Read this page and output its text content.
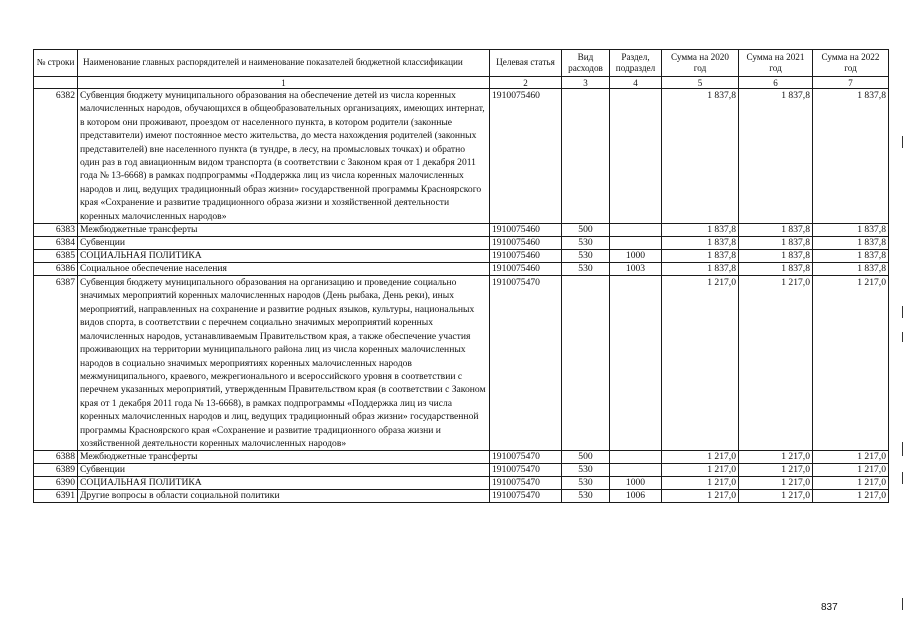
№ строки	Наименование главных распорядителей и наименование показателей бюджетной классификации	Целевая статья	Вид расходов	Раздел, подраздел	Сумма на 2020 год	Сумма на 2021 год	Сумма на 2022 год
	1	2	3	4	5	6	7
6382	Субвенция бюджету муниципального образования на обеспечение детей из числа коренных малочисленных народов, обучающихся в общеобразовательных организациях, имеющих интернат, в котором они проживают, проездом от населенного пункта, в котором родители (законные представители) имеют постоянное место жительства, до места нахождения родителей (законных представителей) вне населенного пункта (в тундре, в лесу, на промысловых точках) и обратно один раз в год авиационным видом транспорта (в соответствии с Законом края от 1 декабря 2011 года № 13-6668) в рамках подпрограммы «Поддержка лиц из числа коренных малочисленных народов и лиц, ведущих традиционный образ жизни» государственной программы Красноярского края «Сохранение и развитие традиционного образа жизни и хозяйственной деятельности коренных малочисленных народов»	1910075460			1 837,8	1 837,8	1 837,8
6383	Межбюджетные трансферты	1910075460	500		1 837,8	1 837,8	1 837,8
6384	Субвенции	1910075460	530		1 837,8	1 837,8	1 837,8
6385	СОЦИАЛЬНАЯ ПОЛИТИКА	1910075460	530	1000	1 837,8	1 837,8	1 837,8
6386	Социальное обеспечение населения	1910075460	530	1003	1 837,8	1 837,8	1 837,8
6387	Субвенция бюджету муниципального образования на организацию и проведение социально значимых мероприятий коренных малочисленных народов (День рыбака, День реки), иных мероприятий, направленных на сохранение и развитие родных языков, культуры, национальных видов спорта, в соответствии с перечнем социально значимых мероприятий коренных малочисленных народов, устанавливаемым Правительством края, а также обеспечение участия проживающих на территории муниципального района лиц из числа коренных малочисленных народов в социально значимых мероприятиях коренных малочисленных народов межмуниципального, краевого, межрегионального и всероссийского уровня в соответствии с перечнем указанных мероприятий, утвержденным Правительством края (в соответствии с Законом края от 1 декабря 2011 года № 13-6668), в рамках подпрограммы «Поддержка лиц из числа коренных малочисленных народов и лиц, ведущих традиционный образ жизни» государственной программы Красноярского края «Сохранение и развитие традиционного образа жизни и хозяйственной деятельности коренных малочисленных народов»	1910075470			1 217,0	1 217,0	1 217,0
6388	Межбюджетные трансферты	1910075470	500		1 217,0	1 217,0	1 217,0
6389	Субвенции	1910075470	530		1 217,0	1 217,0	1 217,0
6390	СОЦИАЛЬНАЯ ПОЛИТИКА	1910075470	530	1000	1 217,0	1 217,0	1 217,0
6391	Другие вопросы в области социальной политики	1910075470	530	1006	1 217,0	1 217,0	1 217,0
837
